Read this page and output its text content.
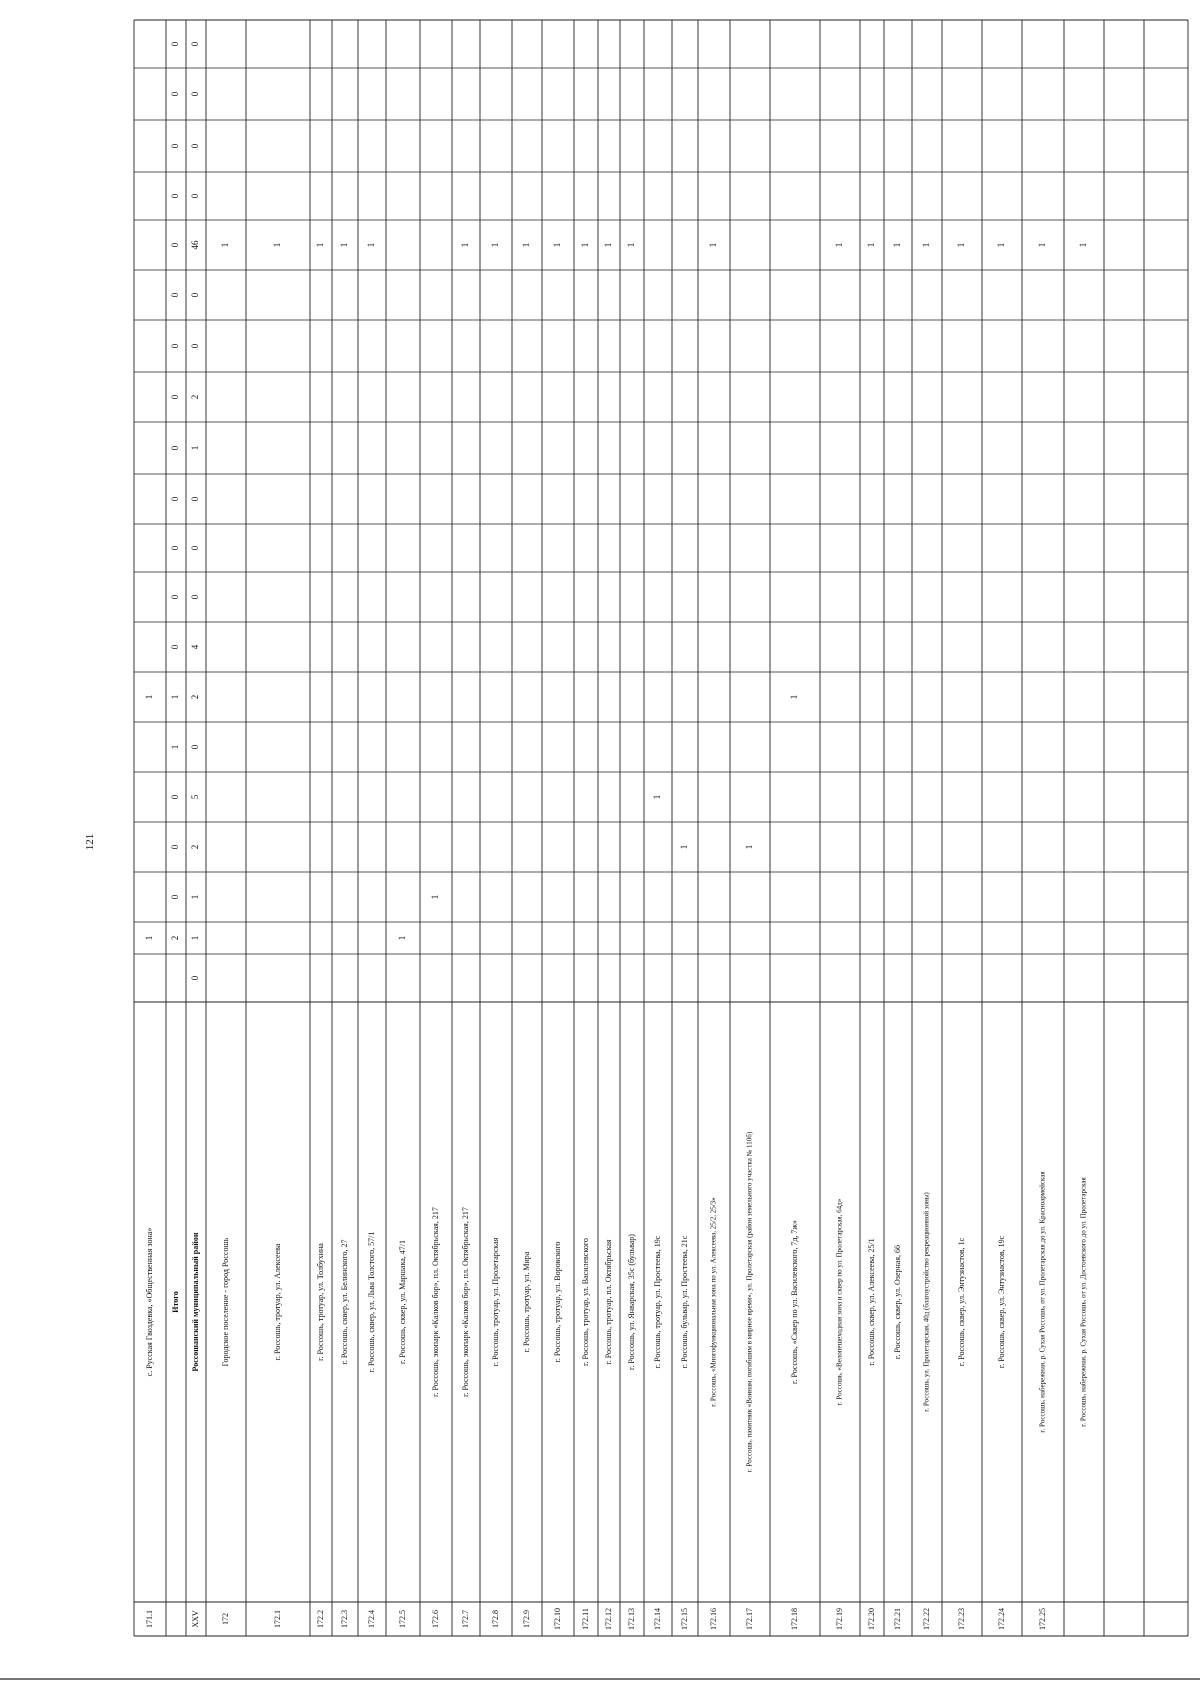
121
171.1
с. Русская Гвоздевка, «Общественная зона»
1
1
Итого
0
0
0
0
0
0
0
0
0
0
0
0
0
1
1
0
0
0
2
XXV
Россошанский муниципальный район
0
0
0
0
46
0
0
2
1
0
0
0
4
2
0
5
2
1
1
0
172
Городское поселение - город Россошь
1
172.1
г. Россошь, тротуар, ул. Алексеева
1
172.2
г. Россошь, тротуар, ул. Толбухина
1
172.3
г. Россошь, сквер, ул. Белинского, 27
1
172.4
г. Россошь, сквер, ул. Льва Толстого, 57/1
1
172.5
г. Россошь, сквер, ул. Маршака, 47/1
1
172.6
г. Россошь, экопарк «Калков бор», пл. Октябрьская, 217
1
172.7
г. Россошь, экопарк «Калков бор», пл. Октябрьская, 217
1
172.8
г. Россошь, тротуар, ул. Пролетарская
1
172.9
г. Россошь, тротуар, ул. Мира
1
172.10
г. Россошь, тротуар, ул. Воровского
1
172.11
г. Россошь, тротуар, ул. Василевского
1
172.12
г. Россошь, тротуар, пл. Октябрьская
1
172.13
г. Россошь, ул. Январская, 35с (бульвар)
1
172.14
г. Россошь, тротуар, ул. Простеева, 19с
1
172.15
г. Россошь, бульвар, ул. Простеева, 21с
1
172.16
г. Россошь, «Многофункциональная зона по ул. Алексеева, 25/2, 25/3»
1
172.17
г. Россошь, памятник «Воинам, погибшим в мирное время», ул. Пролетарская (район земельного участка № 110б)
1
172.18
г. Россошь, «Сквер по ул. Василевского, 7д, 7ж»
1
172.19
г. Россошь, «Велопешеходная зона и сквер по ул. Пролетарская, 64д»
1
172.20
г. Россошь, сквер, ул. Алексеева, 25/1
1
172.21
г. Россошь, сквер, ул. Озерная, 66
1
172.22
г. Россошь, ул. Пролетарская, 40д (благоустройство рекреационной зоны)
1
172.23
г. Россошь, сквер, ул. Энтузиастов, 1с
1
172.24
г. Россошь, сквер, ул. Энтузиастов, 19с
1
172.25
г. Россошь, набережная, р. Сухая Россошь, от ул. Пролетарская до ул. Красноармейская
1
г. Россошь, набережная, р. Сухая Россошь, от ул. Достоевского до ул. Пролетарская
1
